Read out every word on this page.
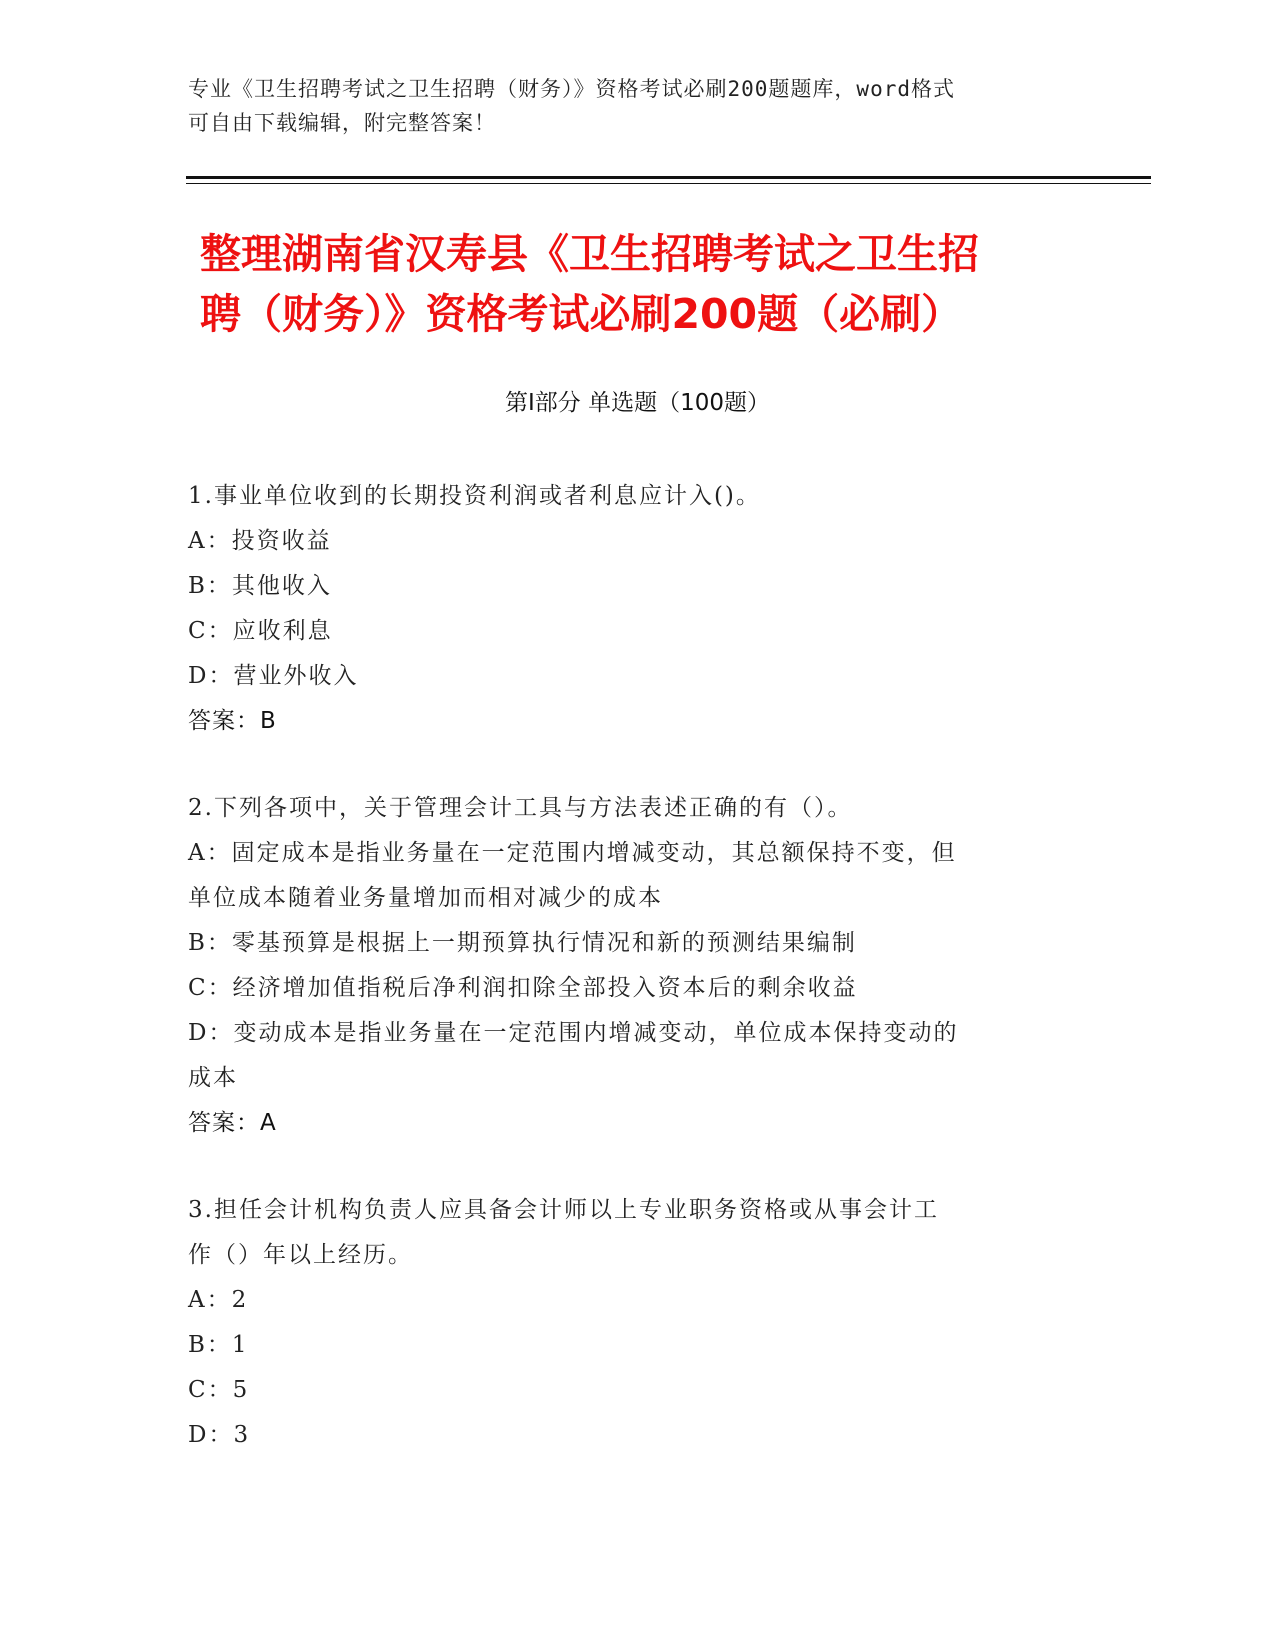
专业《卫生招聘考试之卫生招聘（财务）》资格考试必刷200题题库，word格式
可自由下载编辑，附完整答案！
整理湖南省汉寿县《卫生招聘考试之卫生招
聘（财务）》资格考试必刷200题（必刷）
第Ⅰ部分 单选题（100题）
1.事业单位收到的长期投资利润或者利息应计入()。
A：投资收益
B：其他收入
C：应收利息
D：营业外收入
答案：B
2.下列各项中，关于管理会计工具与方法表述正确的有（）。
A：固定成本是指业务量在一定范围内增减变动，其总额保持不变，但
单位成本随着业务量增加而相对减少的成本
B：零基预算是根据上一期预算执行情况和新的预测结果编制
C：经济增加值指税后净利润扣除全部投入资本后的剩余收益
D：变动成本是指业务量在一定范围内增减变动，单位成本保持变动的
成本
答案：A
3.担任会计机构负责人应具备会计师以上专业职务资格或从事会计工
作（）年以上经历。
A：2
B：1
C：5
D：3
